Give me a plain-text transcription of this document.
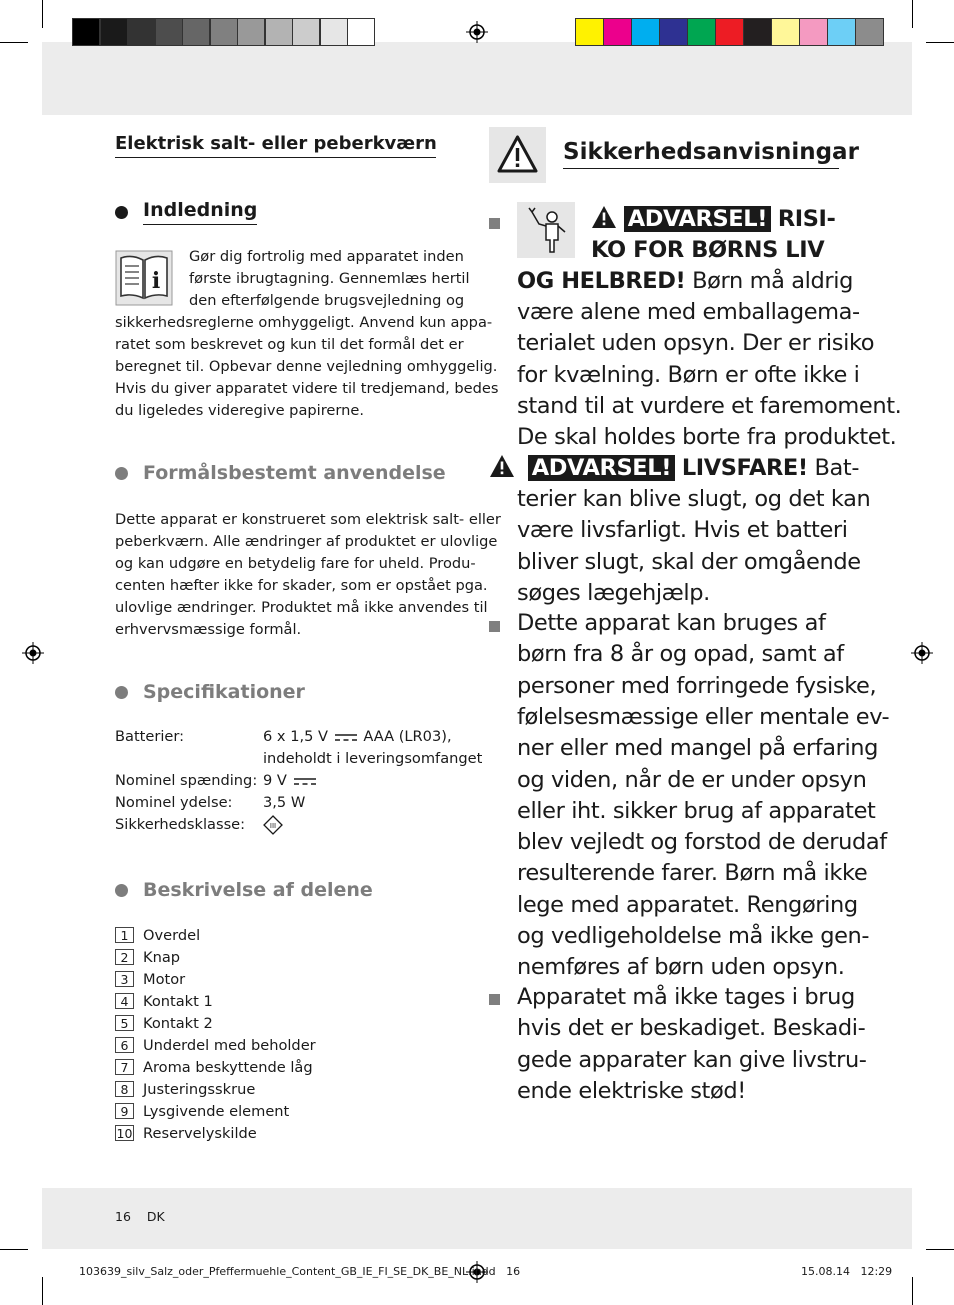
Elektrisk salt- eller peberkværn
Indledning
i
Gør dig fortrolig med apparatet inden
første ibrugtagning. Gennemlæs hertil
den efterfølgende brugsvejledning og
sikkerhedsreglerne omhyggeligt. Anvend kun appa-
ratet som beskrevet og kun til det formål det er
beregnet til. Opbevar denne vejledning omhyggelig.
Hvis du giver apparatet videre til tredjemand, bedes
du ligeledes videregive papirerne.
Formålsbestemt anvendelse
Dette apparat er konstrueret som elektrisk salt- eller
peberkværn. Alle ændringer af produktet er ulovlige
og kan udgøre en betydelig fare for uheld. Produ-
centen hæfter ikke for skader, som er opstået pga.
ulovlige ændringer. Produktet må ikke anvendes til
erhvervsmæssige formål.
Specifikationer
Batterier:	6 x 1,5 V AAA (LR03),
indeholdt i leveringsomfanget
Nominel spænding: 9 V
Nominel ydelse: 3,5 W
Sikkerhedsklasse:	III
Beskrivelse af delene
1 Overdel
2 Knap
3 Motor
4 Kontakt 1
5 Kontakt 2
6 Underdel med beholder
7 Aroma beskyttende låg
8 Justeringsskrue
9 Lysgivende element
10 Reservelyskilde
Sikkerhedsanvisningar
ADVARSEL! RISI-
KO FOR BØRNS LIV
OG HELBRED! Børn må aldrig
være alene med emballagema-
terialet uden opsyn. Der er risiko
for kvælning. Børn er ofte ikke i
stand til at vurdere et faremoment.
De skal holdes borte fra produktet.
ADVARSEL! LIVSFARE! Bat-
terier kan blive slugt, og det kan
være livsfarligt. Hvis et batteri
bliver slugt, skal der omgående
søges lægehjælp.
Dette apparat kan bruges af
børn fra 8 år og opad, samt af
personer med forringede fysiske,
følelsesmæssige eller mentale ev-
ner eller med mangel på erfaring
og viden, når de er under opsyn
eller iht. sikker brug af apparatet
blev vejledt og forstod de derudaf
resulterende farer. Børn må ikke
lege med apparatet. Rengøring
og vedligeholdelse må ikke gen-
nemføres af børn uden opsyn.
Apparatet må ikke tages i brug
hvis det er beskadiget. Beskadi-
gede apparater kan give livstru-
ende elektriske stød!
16 DK
103639_silv_Salz_oder_Pfeffermuehle_Content_GB_IE_FI_SE_DK_BE_NL.indd   16	15.08.14   12:29
